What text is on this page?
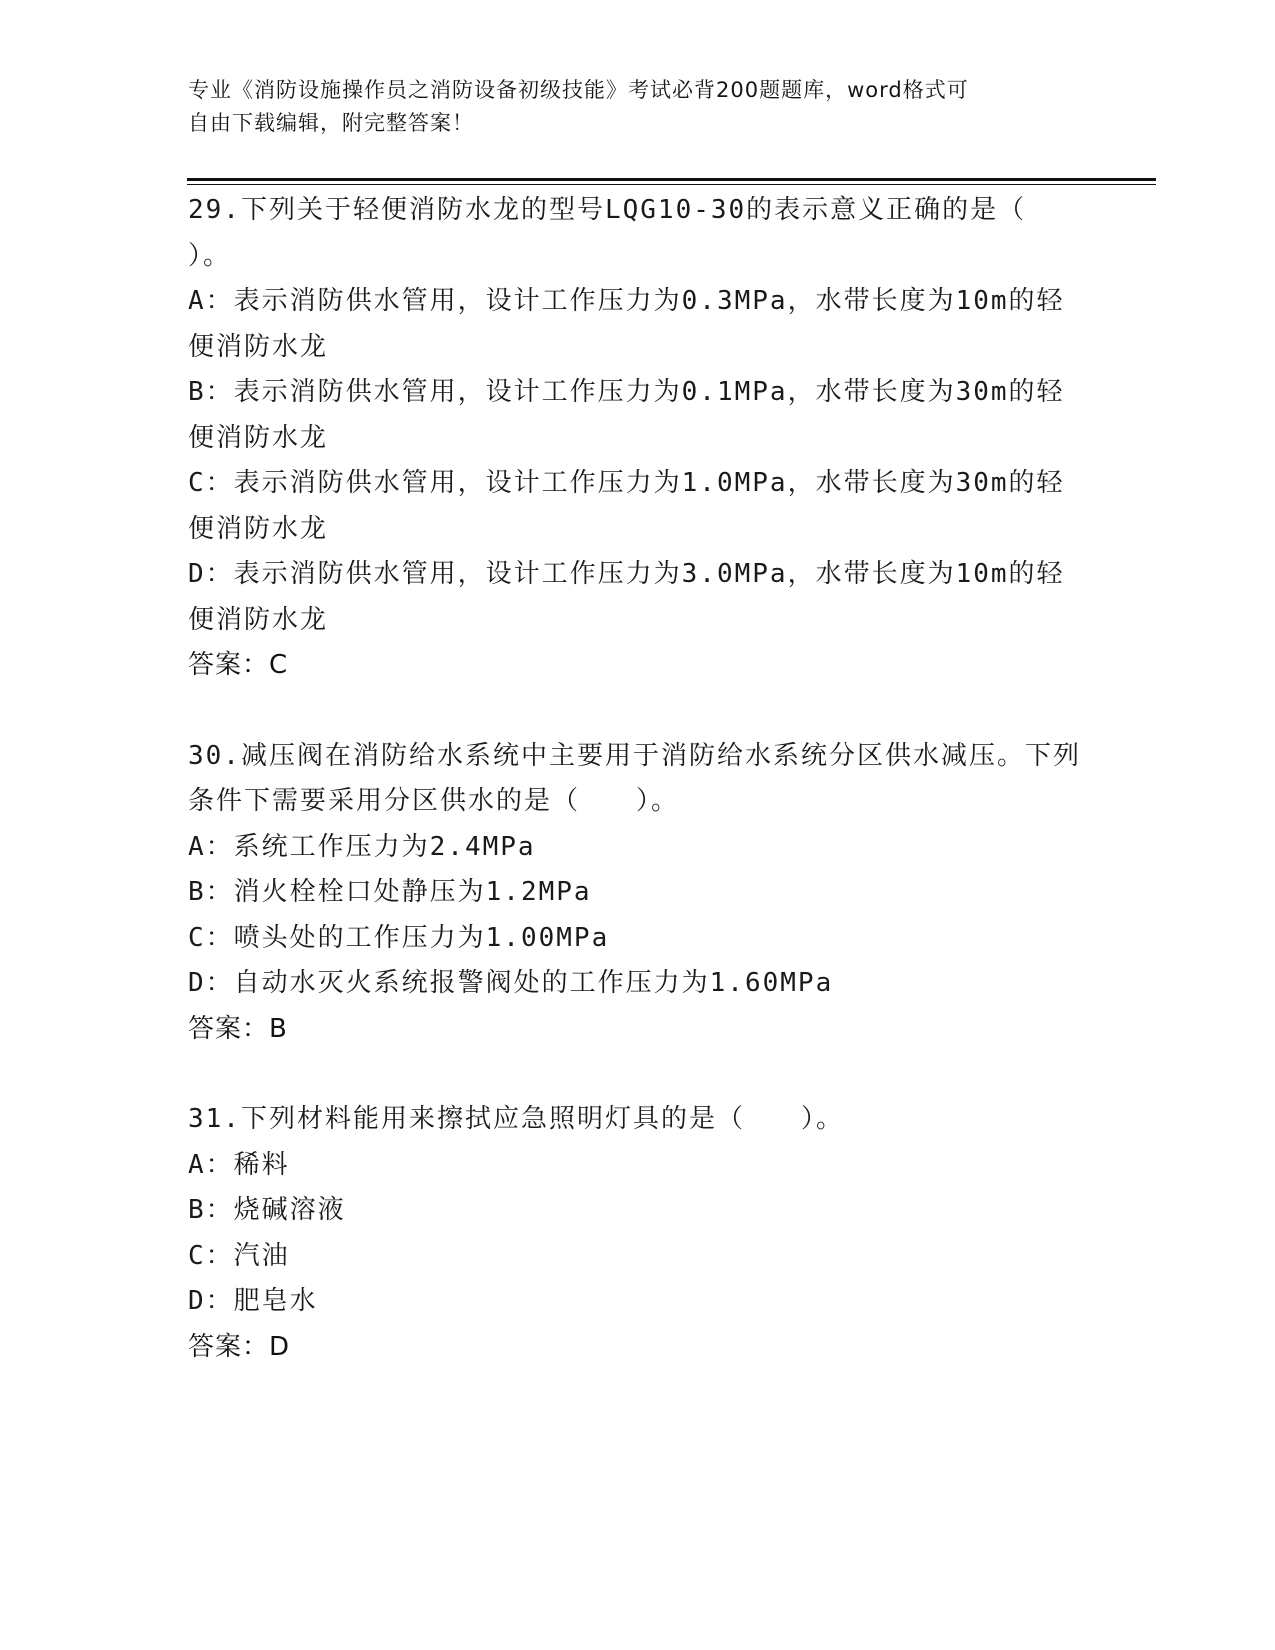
专业《消防设施操作员之消防设备初级技能》考试必背200题题库，word格式可
自由下载编辑，附完整答案！
29.下列关于轻便消防水龙的型号LQG10-30的表示意义正确的是（　　）。
A：表示消防供水管用，设计工作压力为0.3MPa，水带长度为10m的轻便消防水龙
B：表示消防供水管用，设计工作压力为0.1MPa，水带长度为30m的轻便消防水龙
C：表示消防供水管用，设计工作压力为1.0MPa，水带长度为30m的轻便消防水龙
D：表示消防供水管用，设计工作压力为3.0MPa，水带长度为10m的轻便消防水龙
答案：C
30.减压阀在消防给水系统中主要用于消防给水系统分区供水减压。下列条件下需要采用分区供水的是（　　）。
A：系统工作压力为2.4MPa
B：消火栓栓口处静压为1.2MPa
C：喷头处的工作压力为1.00MPa
D：自动水灭火系统报警阀处的工作压力为1.60MPa
答案：B
31.下列材料能用来擦拭应急照明灯具的是（　　）。
A：稀料
B：烧碱溶液
C：汽油
D：肥皂水
答案：D
